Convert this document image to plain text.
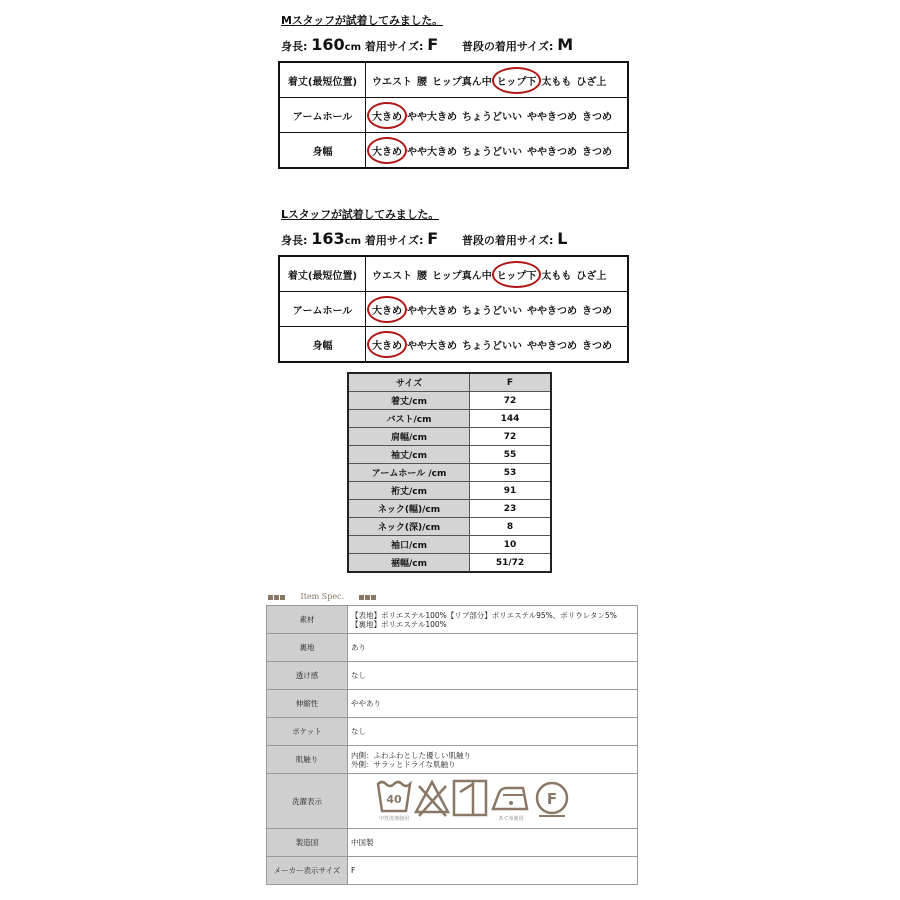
Mスタッフが試着してみました。
身長: 160cm 着用サイズ: F 普段の着用サイズ: M
着丈(最短位置)	ウエスト 腰 ヒップ真ん中 ヒップ下 太もも ひざ上
アームホール	大きめ やや大きめ ちょうどいい ややきつめ きつめ
身幅	大きめ やや大きめ ちょうどいい ややきつめ きつめ
Lスタッフが試着してみました。
身長: 163cm 着用サイズ: F 普段の着用サイズ: L
着丈(最短位置)	ウエスト 腰 ヒップ真ん中 ヒップ下 太もも ひざ上
アームホール	大きめ やや大きめ ちょうどいい ややきつめ きつめ
身幅	大きめ やや大きめ ちょうどいい ややきつめ きつめ
サイズ	F
着丈/cm	72
バスト/cm	144
肩幅/cm	72
袖丈/cm	55
アームホール /cm	53
裄丈/cm	91
ネック(幅)/cm	23
ネック(深)/cm	8
袖口/cm	10
裾幅/cm	51/72
Item Spec.
素材	【表地】ポリエステル100%【リブ部分】ポリエステル95%、ポリウレタン5%
【裏地】ポリエステル100%

裏地	あり

透け感	なし

伸縮性	ややあり

ポケット	なし

肌触り	内側：ふわふわとした優しい肌触り
外側：サラッとドライな肌触り

洗濯表示	40
中性洗剤使用 あて布使用
F

製造国	中国製

メーカー表示サイズ	F
